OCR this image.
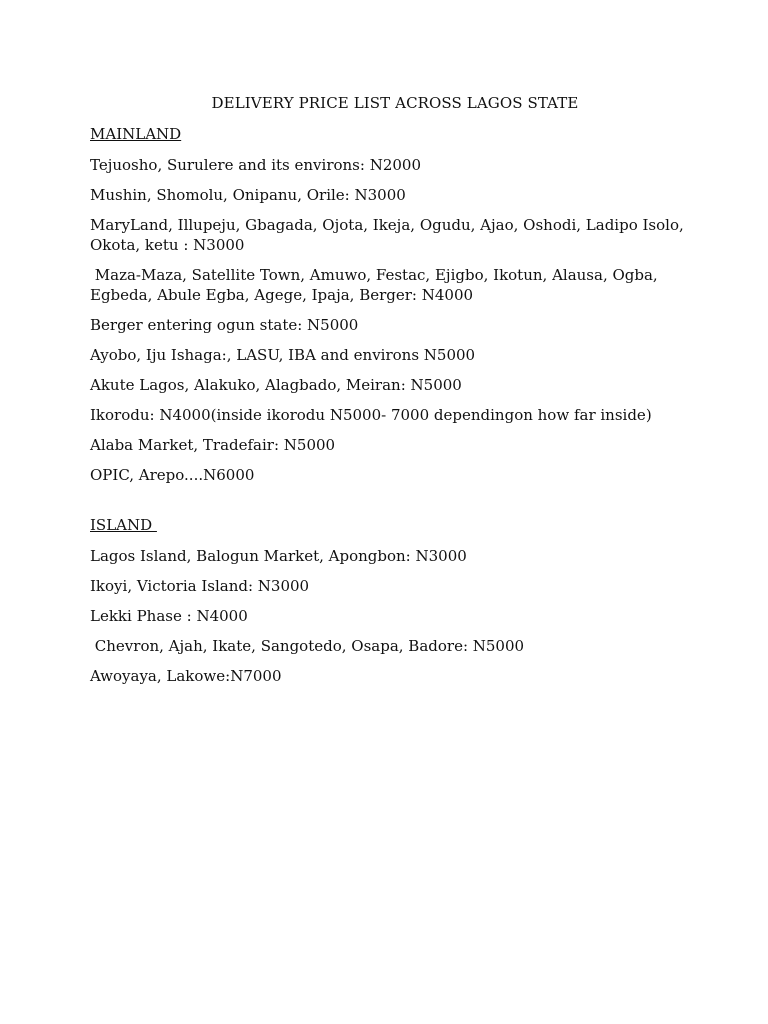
DELIVERY PRICE LIST ACROSS LAGOS STATE
MAINLAND
Tejuosho, Surulere and its environs: N2000
Mushin, Shomolu, Onipanu, Orile: N3000
MaryLand, Illupeju, Gbagada, Ojota, Ikeja, Ogudu, Ajao, Oshodi, Ladipo Isolo, Okota, ketu : N3000
Maza-Maza, Satellite Town, Amuwo, Festac, Ejigbo, Ikotun, Alausa, Ogba, Egbeda, Abule Egba, Agege, Ipaja, Berger: N4000
Berger entering ogun state: N5000
Ayobo, Iju Ishaga:, LASU, IBA and environs N5000
Akute Lagos, Alakuko, Alagbado, Meiran: N5000
Ikorodu: N4000(inside ikorodu N5000- 7000 dependingon how far inside)
Alaba Market, Tradefair: N5000
OPIC, Arepo....N6000
ISLAND
Lagos Island, Balogun Market, Apongbon: N3000
Ikoyi, Victoria Island: N3000
Lekki Phase : N4000
Chevron, Ajah, Ikate, Sangotedo, Osapa, Badore: N5000
Awoyaya, Lakowe:N7000
